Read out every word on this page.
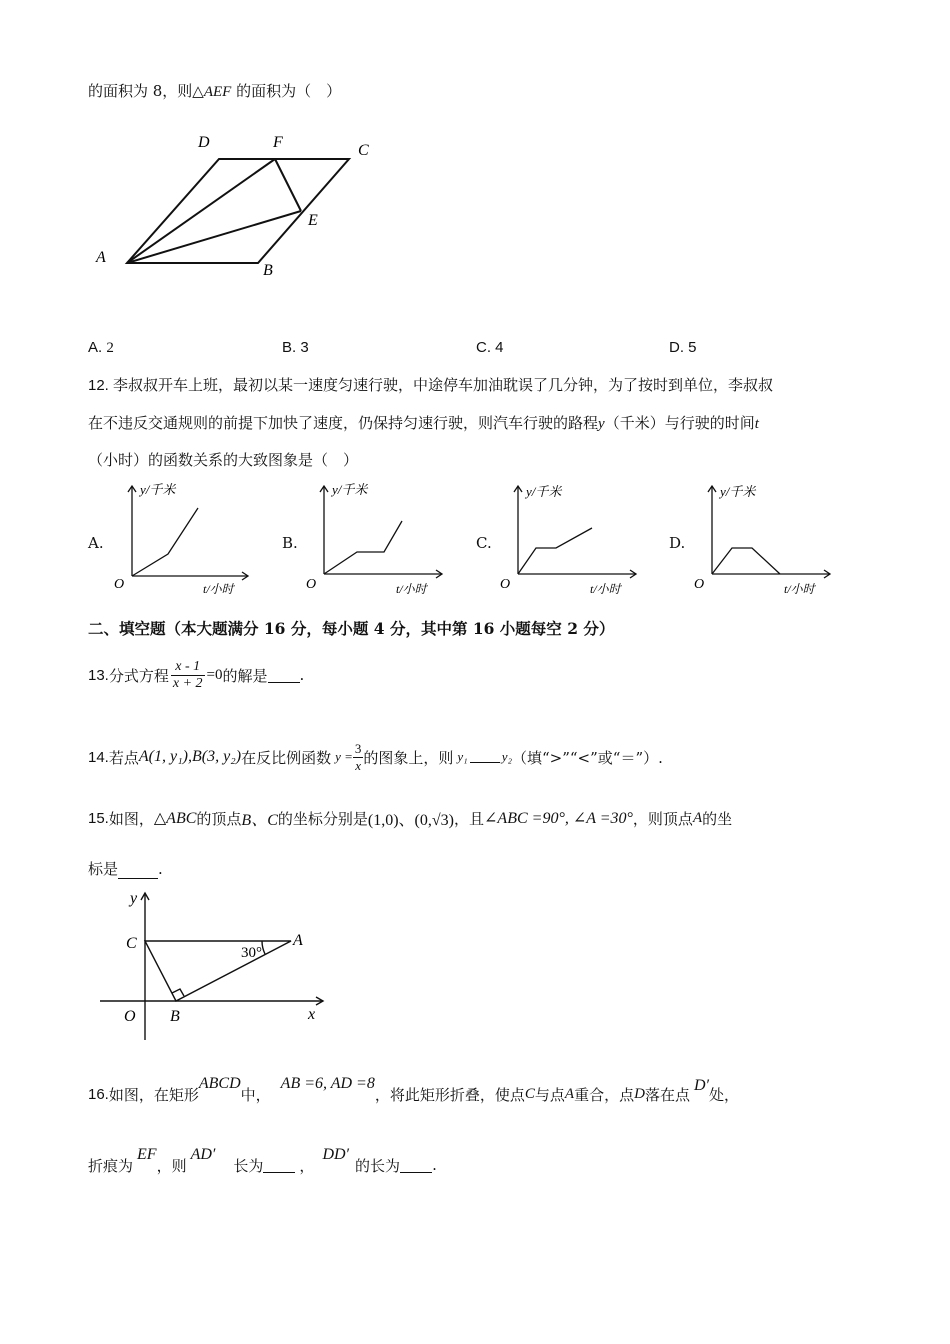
的面积为 8，则△AEF 的面积为（　）
A
B
C
D
E
F
A. 2	B. 3	C. 4	D. 5
12. 李叔叔开车上班，最初以某一速度匀速行驶，中途停车加油耽误了几分钟，为了按时到单位，李叔叔
在不违反交通规则的前提下加快了速度，仍保持匀速行驶，则汽车行驶的路程y（千米）与行驶的时间t
（小时）的函数关系的大致图象是（　）
A.
y/千米
t/小时
O
B.
y/千米
t/小时
O
C.
y/千米
t/小时
O
D.
y/千米
t/小时
O
二、填空题（本大题满分 16 分，每小题 4 分，其中第 16 小题每空 2 分）
13. 分式方程 $\frac{x - 1}{x + 2} =0$ 的解是 .
14. 若点 A(1, y₁), B(3, y₂) 在反比例函数 $y = \frac{3}{x}$ 的图象上，则 y₁	y₂ （填“>”“<”或“＝”）.
15. 如图， △ABC 的顶点 B、C 的坐标分别是 (1,0)、(0,√3) ，且 ∠ABC =90°, ∠A =30° ，则顶点 A 的坐
标是	.
y
x
C	A
O B
30°
16. 如图，在矩形
ABCD
中，
AB =6, AD =8
，将此矩形折叠，使点 C 与点 A 重合，点 D 落在点 D′ 处，
折痕为
EF
，则
AD′
长为 ，
DD′
的长为 .
